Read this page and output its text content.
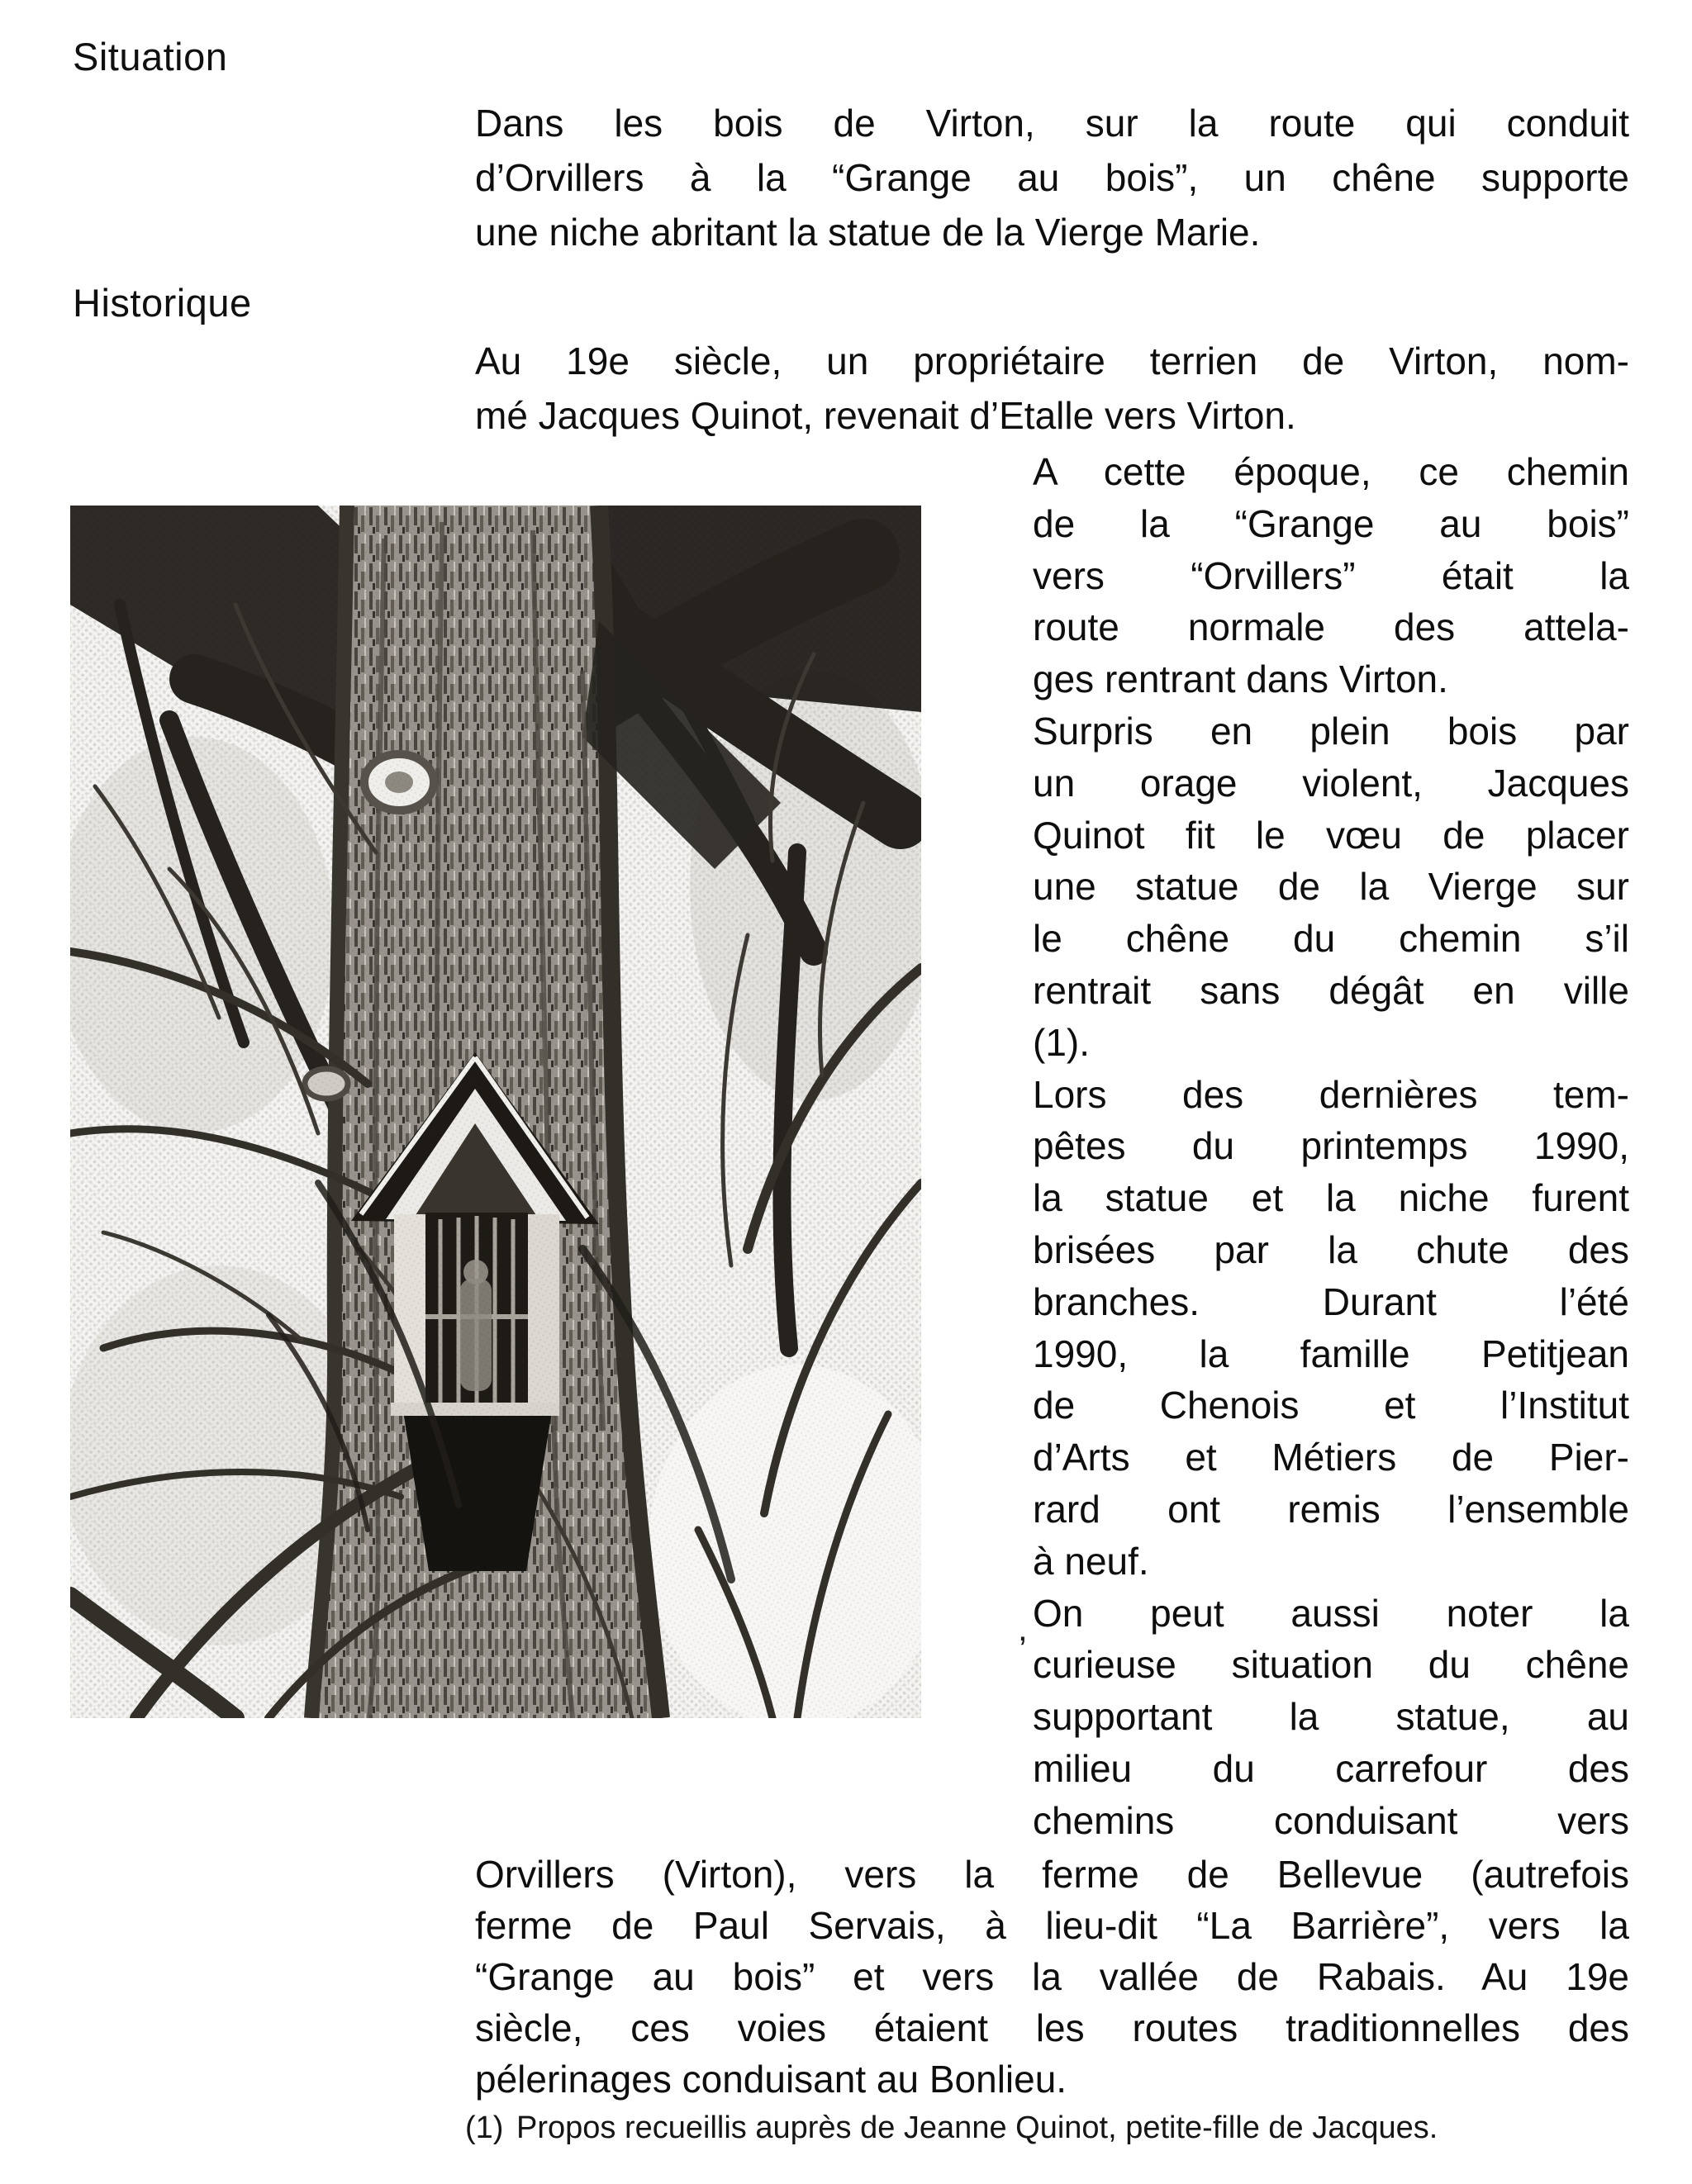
Situation
Dans les bois de Virton, sur la route qui conduit
d’Orvillers à la “Grange au bois”, un chêne supporte
une niche abritant la statue de la Vierge Marie.
Historique
Au 19e siècle, un propriétaire terrien de Virton, nom-
mé Jacques Quinot, revenait d’Etalle vers Virton.
A cette époque, ce chemin
de la “Grange au bois”
vers “Orvillers” était la
route normale des attela-
ges rentrant dans Virton.
Surpris en plein bois par
un orage violent, Jacques
Quinot fit le vœu de placer
une statue de la Vierge sur
le chêne du chemin s’il
rentrait sans dégât en ville
(1).
Lors des dernières tem-
pêtes du printemps 1990,
la statue et la niche furent
brisées par la chute des
branches. Durant l’été
1990, la famille Petitjean
de Chenois et l’Institut
d’Arts et Métiers de Pier-
rard ont remis l’ensemble
à neuf.
On peut aussi noter la
curieuse situation du chêne
supportant la statue, au
milieu du carrefour des
chemins conduisant vers
,
Orvillers (Virton), vers la ferme de Bellevue (autrefois
ferme de Paul Servais, à lieu-dit “La Barrière”, vers la
“Grange au bois” et vers la vallée de Rabais. Au 19e
siècle, ces voies étaient les routes traditionnelles des
pélerinages conduisant au Bonlieu.
(1) Propos recueillis auprès de Jeanne Quinot, petite-fille de Jacques.
